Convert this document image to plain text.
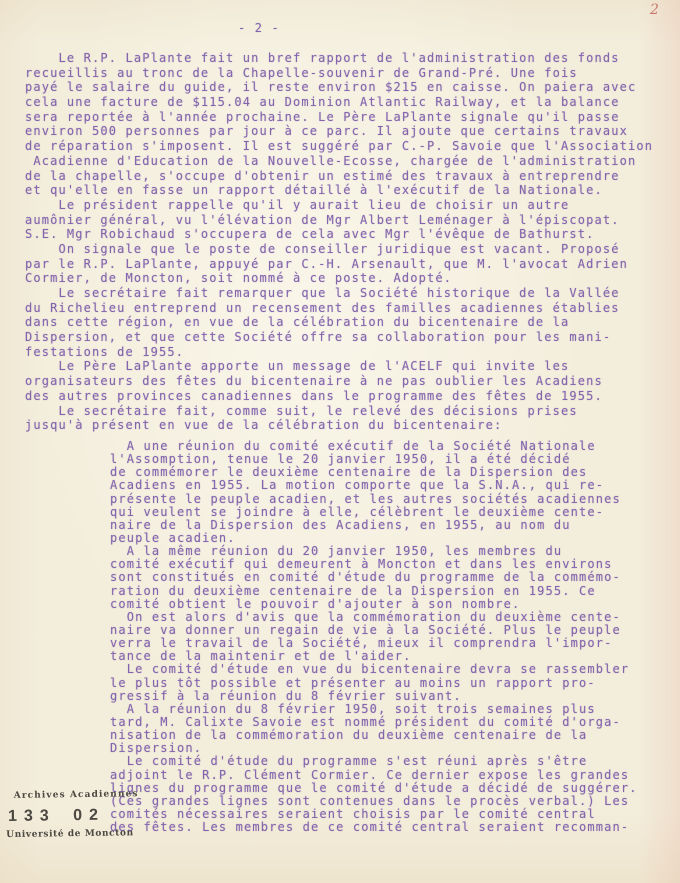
- 2 -
2
Le R.P. LaPlante fait un bref rapport de l'administration des fonds
recueillis au tronc de la Chapelle-souvenir de Grand-Pré. Une fois
payé le salaire du guide, il reste environ $215 en caisse. On paiera avec
cela une facture de $115.04 au Dominion Atlantic Railway, et la balance
sera reportée à l'année prochaine. Le Père LaPlante signale qu'il passe
environ 500 personnes par jour à ce parc. Il ajoute que certains travaux
de réparation s'imposent. Il est suggéré par C.-P. Savoie que l'Association
Acadienne d'Education de la Nouvelle-Ecosse, chargée de l'administration
de la chapelle, s'occupe d'obtenir un estimé des travaux à entreprendre
et qu'elle en fasse un rapport détaillé à l'exécutif de la Nationale.
Le président rappelle qu'il y aurait lieu de choisir un autre
aumônier général, vu l'élévation de Mgr Albert Leménager à l'épiscopat.
S.E. Mgr Robichaud s'occupera de cela avec Mgr l'évêque de Bathurst.
On signale que le poste de conseiller juridique est vacant. Proposé
par le R.P. LaPlante, appuyé par C.-H. Arsenault, que M. l'avocat Adrien
Cormier, de Moncton, soit nommé à ce poste. Adopté.
Le secrétaire fait remarquer que la Société historique de la Vallée
du Richelieu entreprend un recensement des familles acadiennes établies
dans cette région, en vue de la célébration du bicentenaire de la
Dispersion, et que cette Société offre sa collaboration pour les mani-
festations de 1955.
Le Père LaPlante apporte un message de l'ACELF qui invite les
organisateurs des fêtes du bicentenaire à ne pas oublier les Acadiens
des autres provinces canadiennes dans le programme des fêtes de 1955.
Le secrétaire fait, comme suit, le relevé des décisions prises
jusqu'à présent en vue de la célébration du bicentenaire:
A une réunion du comité exécutif de la Société Nationale
l'Assomption, tenue le 20 janvier 1950, il a été décidé
de commémorer le deuxième centenaire de la Dispersion des
Acadiens en 1955. La motion comporte que la S.N.A., qui re-
présente le peuple acadien, et les autres sociétés acadiennes
qui veulent se joindre à elle, célèbrent le deuxième cente-
naire de la Dispersion des Acadiens, en 1955, au nom du
peuple acadien.
A la même réunion du 20 janvier 1950, les membres du
comité exécutif qui demeurent à Moncton et dans les environs
sont constitués en comité d'étude du programme de la commémo-
ration du deuxième centenaire de la Dispersion en 1955. Ce
comité obtient le pouvoir d'ajouter à son nombre.
On est alors d'avis que la commémoration du deuxième cente-
naire va donner un regain de vie à la Société. Plus le peuple
verra le travail de la Société, mieux il comprendra l'impor-
tance de la maintenir et de l'aider.
Le comité d'étude en vue du bicentenaire devra se rassembler
le plus tôt possible et présenter au moins un rapport pro-
gressif à la réunion du 8 février suivant.
A la réunion du 8 février 1950, soit trois semaines plus
tard, M. Calixte Savoie est nommé président du comité d'orga-
nisation de la commémoration du deuxième centenaire de la
Dispersion.
Le comité d'étude du programme s'est réuni après s'être
adjoint le R.P. Clément Cormier. Ce dernier expose les grandes
lignes du programme que le comité d'étude a décidé de suggérer.
(Ces grandes lignes sont contenues dans le procès verbal.) Les
comités nécessaires seraient choisis par le comité central
des fêtes. Les membres de ce comité central seraient recomman-
Archives Acadiennes
133 02
Université de Moncton
